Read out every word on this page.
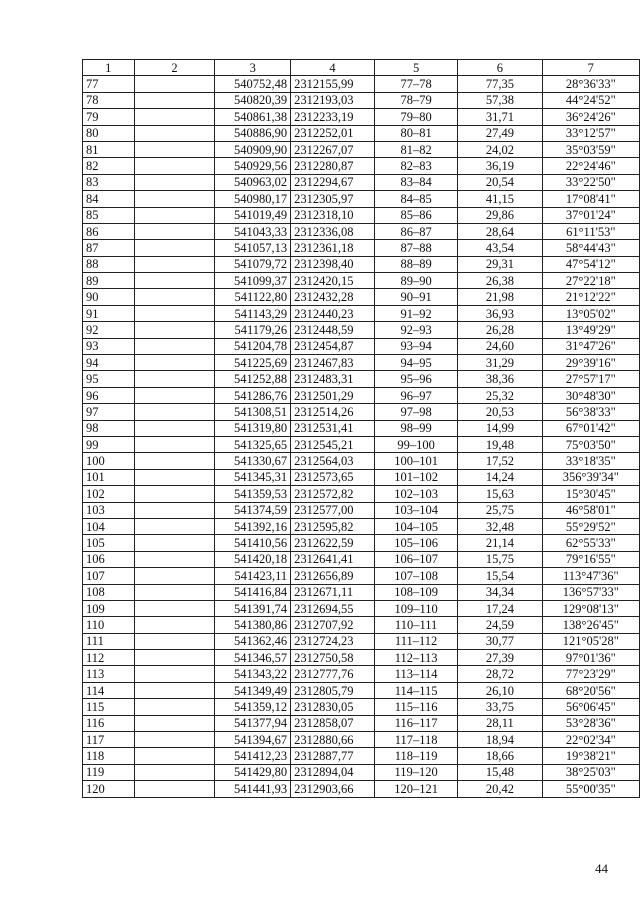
1	2	3	4	5	6	7
77		540752,48	2312155,99	77–78	77,35	28°36'33"
78		540820,39	2312193,03	78–79	57,38	44°24'52"
79		540861,38	2312233,19	79–80	31,71	36°24'26"
80		540886,90	2312252,01	80–81	27,49	33°12'57"
81		540909,90	2312267,07	81–82	24,02	35°03'59"
82		540929,56	2312280,87	82–83	36,19	22°24'46"
83		540963,02	2312294,67	83–84	20,54	33°22'50"
84		540980,17	2312305,97	84–85	41,15	17°08'41"
85		541019,49	2312318,10	85–86	29,86	37°01'24"
86		541043,33	2312336,08	86–87	28,64	61°11'53"
87		541057,13	2312361,18	87–88	43,54	58°44'43"
88		541079,72	2312398,40	88–89	29,31	47°54'12"
89		541099,37	2312420,15	89–90	26,38	27°22'18"
90		541122,80	2312432,28	90–91	21,98	21°12'22"
91		541143,29	2312440,23	91–92	36,93	13°05'02"
92		541179,26	2312448,59	92–93	26,28	13°49'29"
93		541204,78	2312454,87	93–94	24,60	31°47'26"
94		541225,69	2312467,83	94–95	31,29	29°39'16"
95		541252,88	2312483,31	95–96	38,36	27°57'17"
96		541286,76	2312501,29	96–97	25,32	30°48'30"
97		541308,51	2312514,26	97–98	20,53	56°38'33"
98		541319,80	2312531,41	98–99	14,99	67°01'42"
99		541325,65	2312545,21	99–100	19,48	75°03'50"
100		541330,67	2312564,03	100–101	17,52	33°18'35"
101		541345,31	2312573,65	101–102	14,24	356°39'34"
102		541359,53	2312572,82	102–103	15,63	15°30'45"
103		541374,59	2312577,00	103–104	25,75	46°58'01"
104		541392,16	2312595,82	104–105	32,48	55°29'52"
105		541410,56	2312622,59	105–106	21,14	62°55'33"
106		541420,18	2312641,41	106–107	15,75	79°16'55"
107		541423,11	2312656,89	107–108	15,54	113°47'36"
108		541416,84	2312671,11	108–109	34,34	136°57'33"
109		541391,74	2312694,55	109–110	17,24	129°08'13"
110		541380,86	2312707,92	110–111	24,59	138°26'45"
111		541362,46	2312724,23	111–112	30,77	121°05'28"
112		541346,57	2312750,58	112–113	27,39	97°01'36"
113		541343,22	2312777,76	113–114	28,72	77°23'29"
114		541349,49	2312805,79	114–115	26,10	68°20'56"
115		541359,12	2312830,05	115–116	33,75	56°06'45"
116		541377,94	2312858,07	116–117	28,11	53°28'36"
117		541394,67	2312880,66	117–118	18,94	22°02'34"
118		541412,23	2312887,77	118–119	18,66	19°38'21"
119		541429,80	2312894,04	119–120	15,48	38°25'03"
120		541441,93	2312903,66	120–121	20,42	55°00'35"
44
